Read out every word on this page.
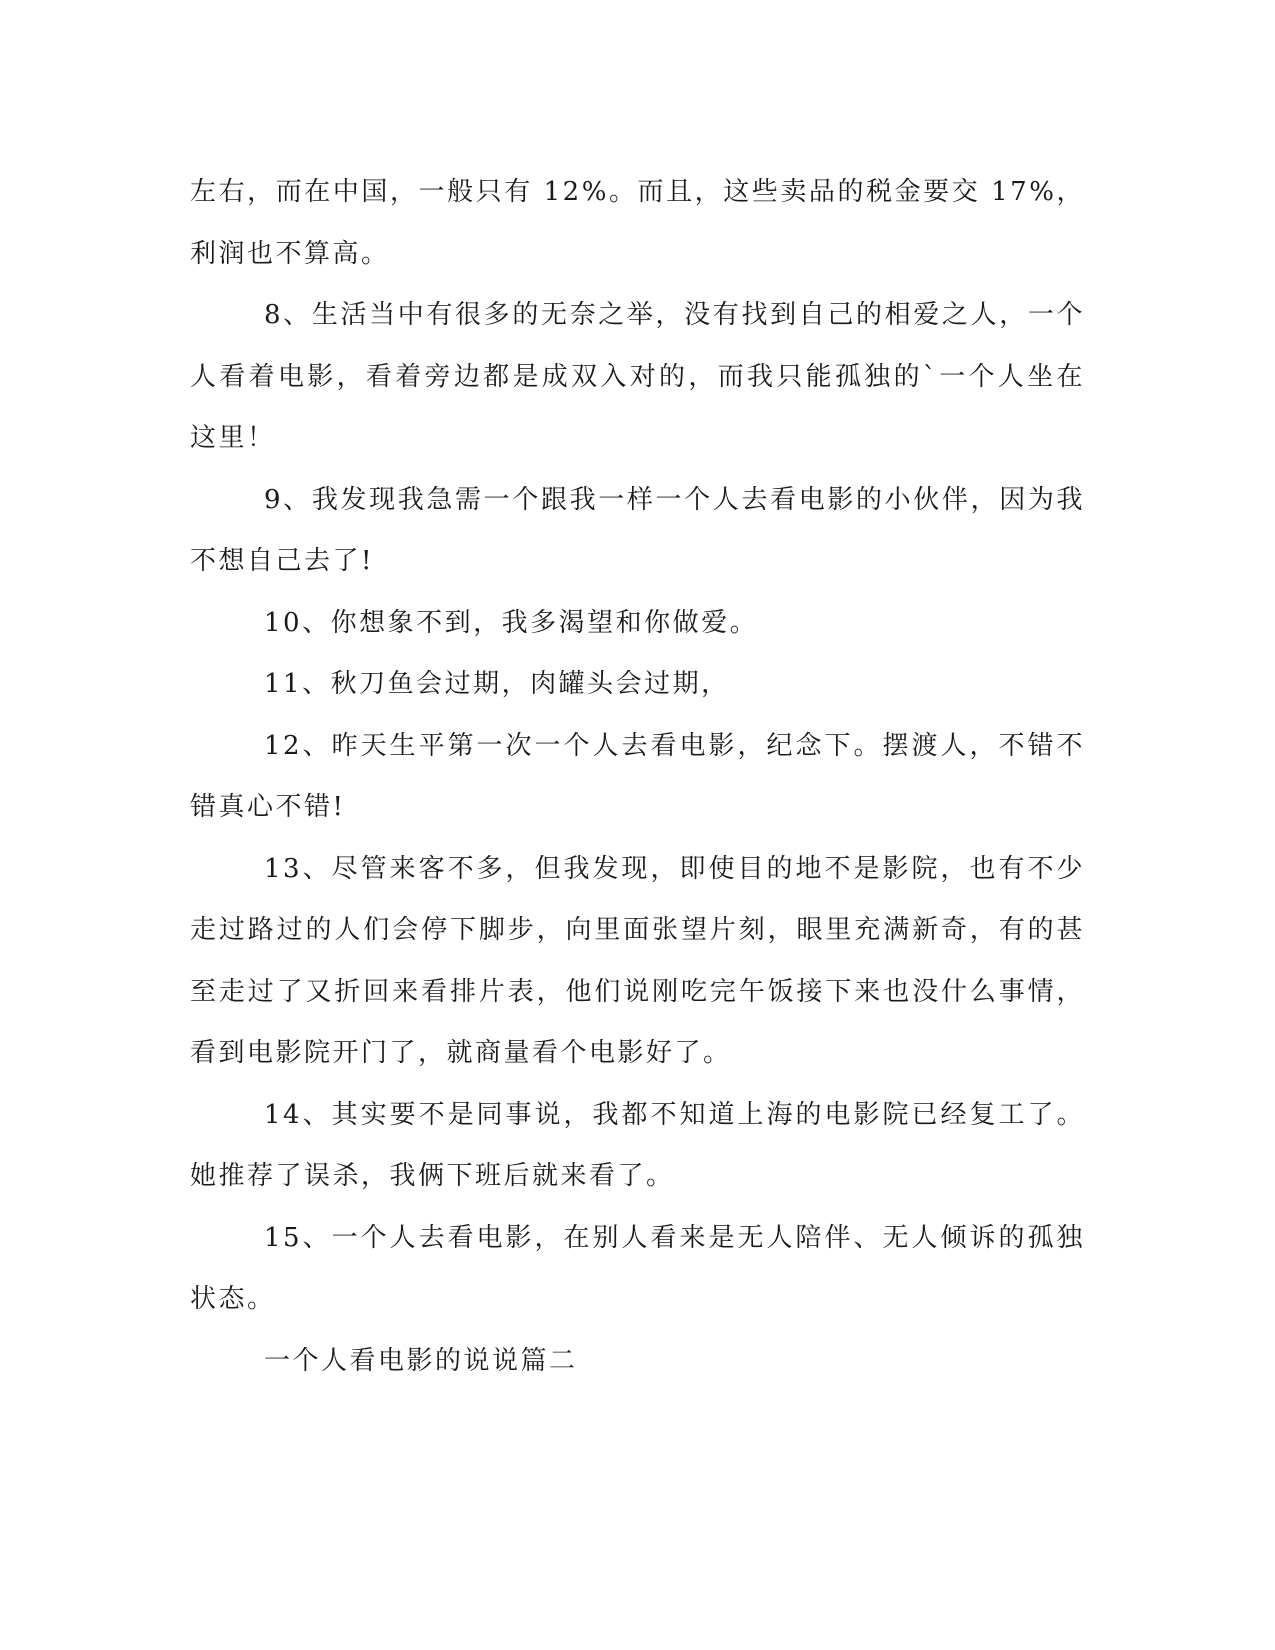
左右，而在中国，一般只有 12%。而且，这些卖品的税金要交 17%，利润也不算高。

8、生活当中有很多的无奈之举，没有找到自己的相爱之人，一个人看着电影，看着旁边都是成双入对的，而我只能孤独的`一个人坐在这里！

9、我发现我急需一个跟我一样一个人去看电影的小伙伴，因为我不想自己去了!

10、你想象不到，我多渴望和你做爱。

11、秋刀鱼会过期，肉罐头会过期，

12、昨天生平第一次一个人去看电影，纪念下。摆渡人，不错不错真心不错!

13、尽管来客不多，但我发现，即使目的地不是影院，也有不少走过路过的人们会停下脚步，向里面张望片刻，眼里充满新奇，有的甚至走过了又折回来看排片表，他们说刚吃完午饭接下来也没什么事情，看到电影院开门了，就商量看个电影好了。

14、其实要不是同事说，我都不知道上海的电影院已经复工了。她推荐了误杀，我俩下班后就来看了。

15、一个人去看电影，在别人看来是无人陪伴、无人倾诉的孤独状态。

一个人看电影的说说篇二
